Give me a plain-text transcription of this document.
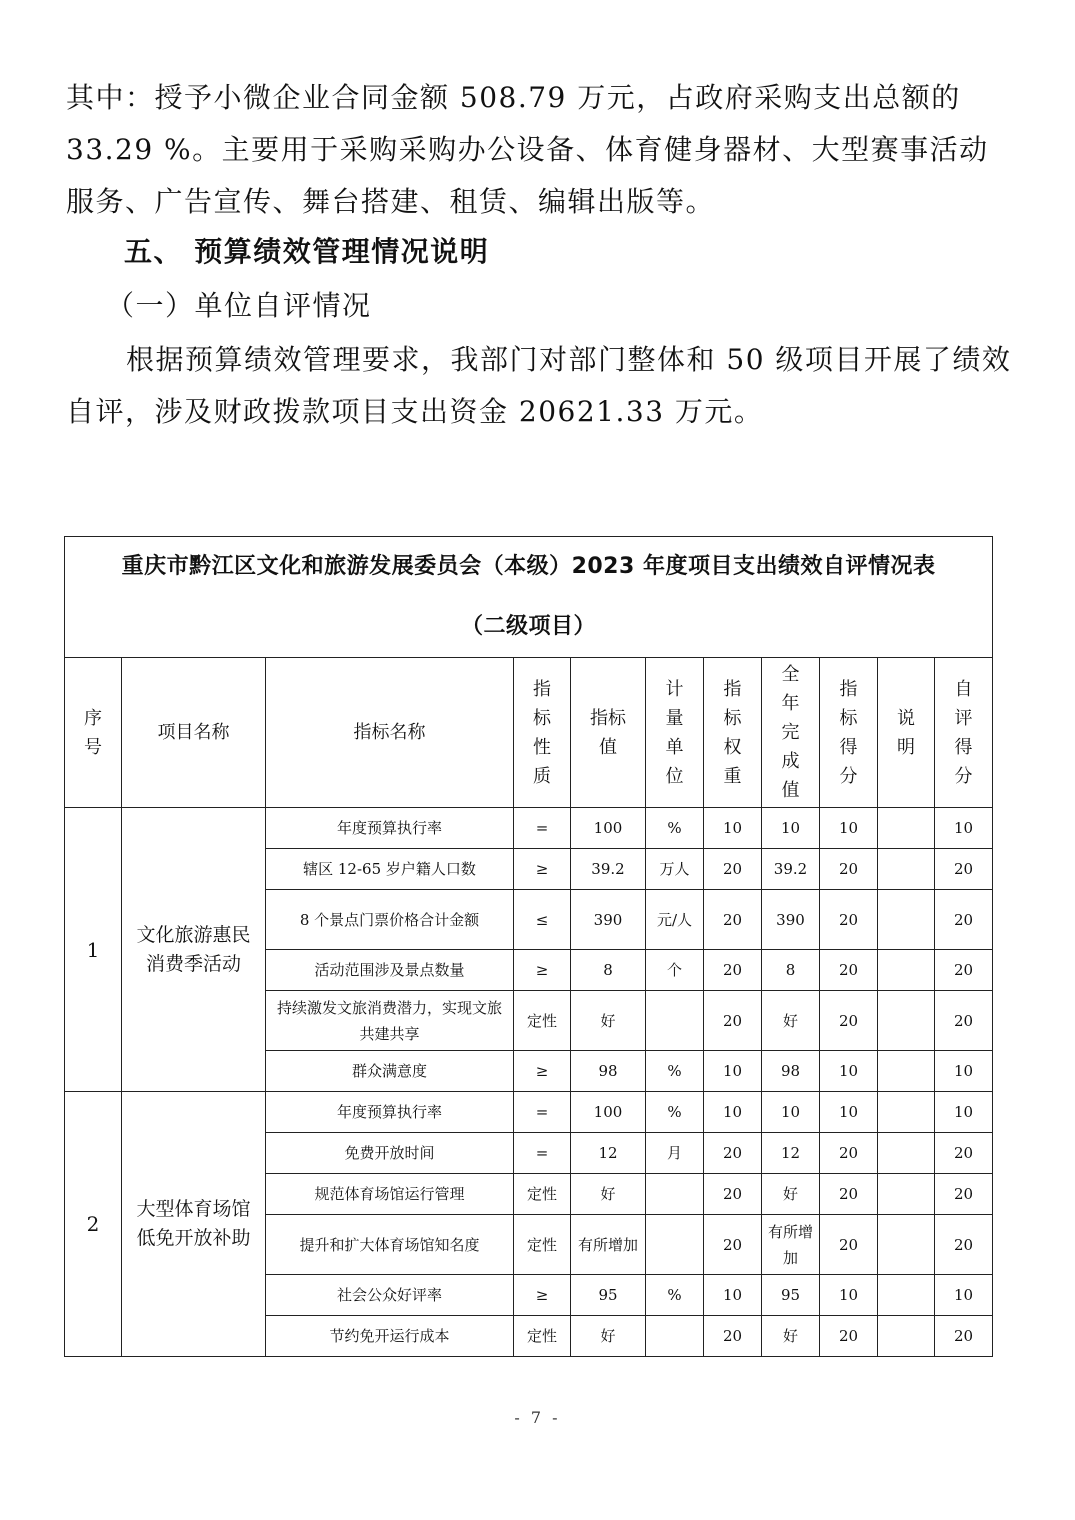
其中：授予小微企业合同金额 508.79 万元，占政府采购支出总额的 33.29 %。主要用于采购采购办公设备、体育健身器材、大型赛事活动服务、广告宣传、舞台搭建、租赁、编辑出版等。

五、 预算绩效管理情况说明

（一）单位自评情况

根据预算绩效管理要求，我部门对部门整体和 50 级项目开展了绩效自评，涉及财政拨款项目支出资金 20621.33 万元。

重庆市黔江区文化和旅游发展委员会（本级）2023 年度项目支出绩效自评情况表
（二级项目）										

序号	项目名称	指标名称	指标性质	指标值	计量单位	指标权重	全年完成值	指标得分	说明	自评得分
1	文化旅游惠民消费季活动	年度预算执行率	=	100	%	10	10	10		10
		辖区 12-65 岁户籍人口数	≥	39.2	万人	20	39.2	20		20
		8 个景点门票价格合计金额	≤	390	元/人	20	390	20		20
		活动范围涉及景点数量	≥	8	个	20	8	20		20
		持续激发文旅消费潜力，实现文旅共建共享	定性	好		20	好	20		20
		群众满意度	≥	98	%	10	98	10		10
2	大型体育场馆低免开放补助	年度预算执行率	=	100	%	10	10	10		10
		免费开放时间	=	12	月	20	12	20		20
		规范体育场馆运行管理	定性	好		20	好	20		20
		提升和扩大体育场馆知名度	定性	有所增加		20	有所增加	20		20
		社会公众好评率	≥	95	%	10	95	10		10
		节约免开运行成本	定性	好		20	好	20		20
- 7 -
